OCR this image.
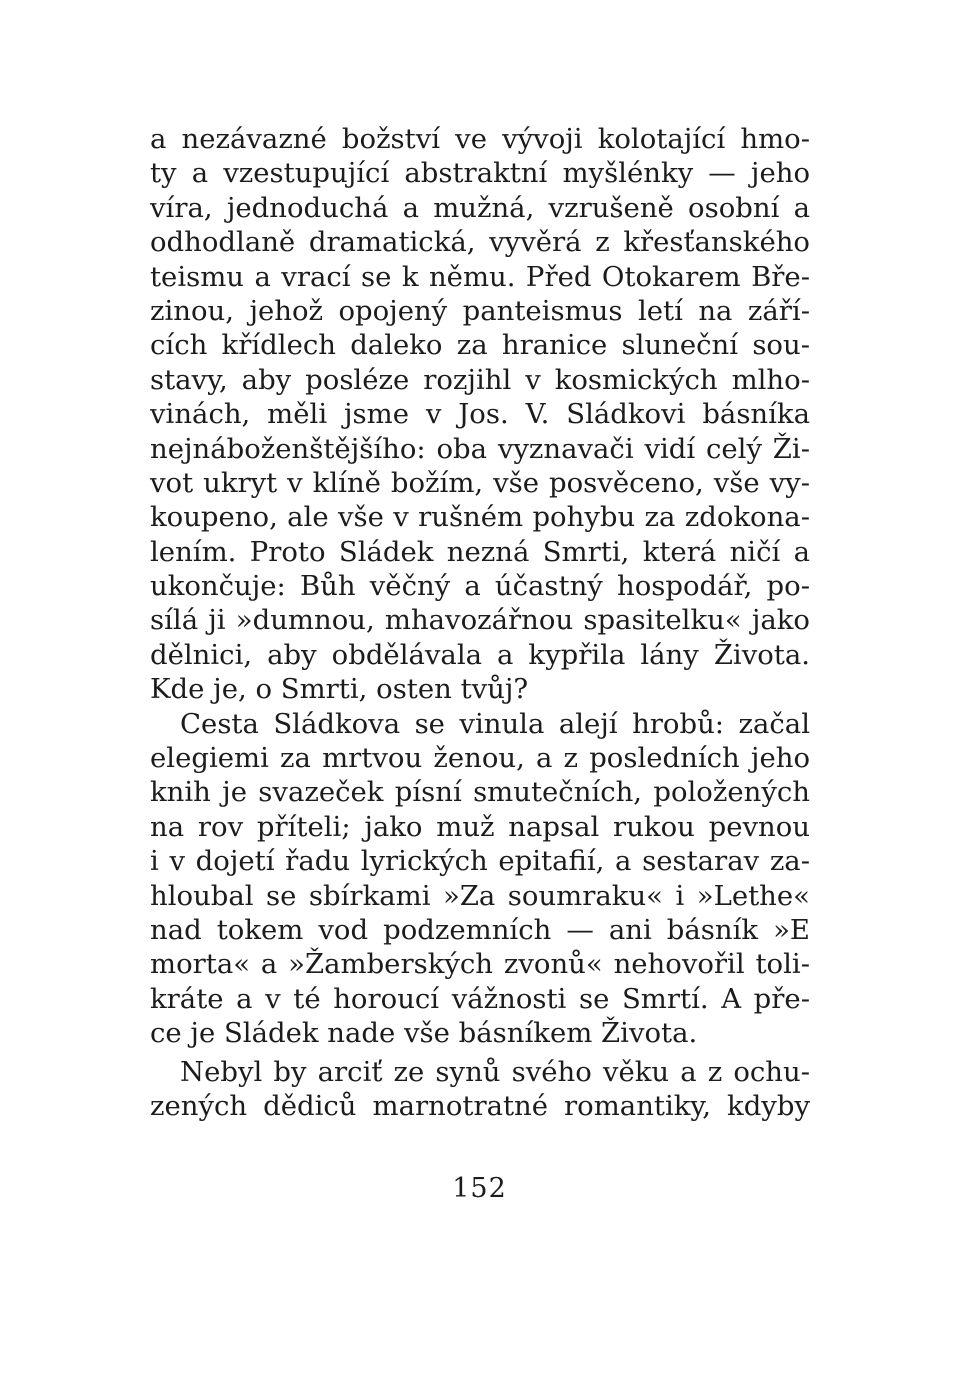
a nezávazné božství ve vývoji kolotající hmo-
ty a vzestupující abstraktní myšlénky — jeho
víra, jednoduchá a mužná, vzrušeně osobní a
odhodlaně dramatická, vyvěrá z křesťanského
teismu a vrací se k němu. Před Otokarem Bře-
zinou, jehož opojený panteismus letí na září-
cích křídlech daleko za hranice sluneční sou-
stavy, aby posléze rozjihl v kosmických mlho-
vinách, měli jsme v Jos. V. Sládkovi básníka
nejnáboženštějšího: oba vyznavači vidí celý Ži-
vot ukryt v klíně božím, vše posvěceno, vše vy-
koupeno, ale vše v rušném pohybu za zdokona-
lením. Proto Sládek nezná Smrti, která ničí a
ukončuje: Bůh věčný a účastný hospodář, po-
sílá ji »dumnou, mhavozářnou spasitelku« jako
dělnici, aby obdělávala a kypřila lány Života.
Kde je, o Smrti, osten tvůj?
Cesta Sládkova se vinula alejí hrobů: začal
elegiemi za mrtvou ženou, a z posledních jeho
knih je svazeček písní smutečních, položených
na rov příteli; jako muž napsal rukou pevnou
i v dojetí řadu lyrických epitafií, a sestarav za-
hloubal se sbírkami »Za soumraku« i »Lethe«
nad tokem vod podzemních — ani básník »E
morta« a »Žamberských zvonů« nehovořil toli-
kráte a v té horoucí vážnosti se Smrtí. A pře-
ce je Sládek nade vše básníkem Života.
Nebyl by arciť ze synů svého věku a z ochu-
zených dědiců marnotratné romantiky, kdyby
152
